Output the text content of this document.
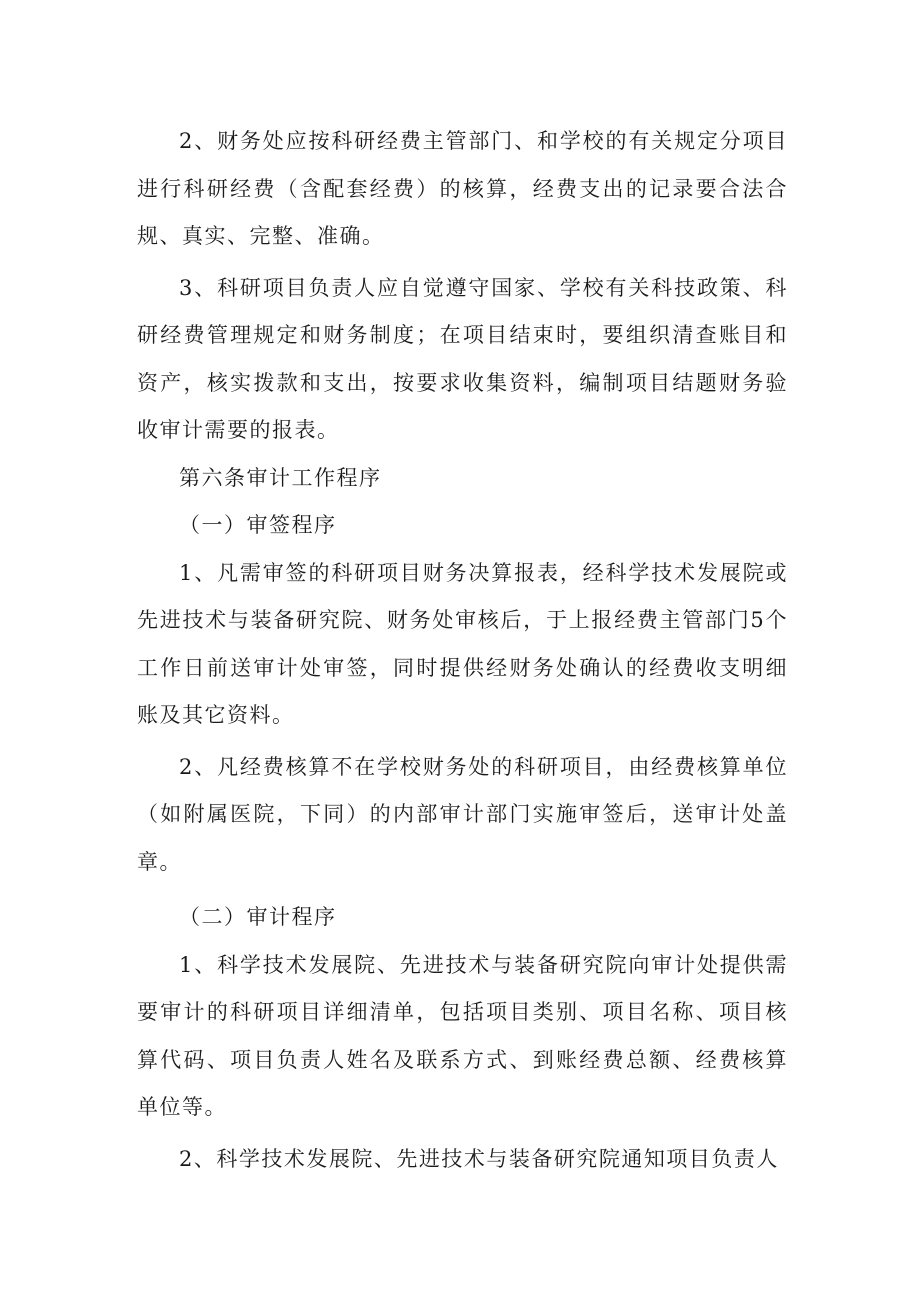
2、财务处应按科研经费主管部门、和学校的有关规定分项目进行科研经费（含配套经费）的核算，经费支出的记录要合法合规、真实、完整、准确。

3、科研项目负责人应自觉遵守国家、学校有关科技政策、科研经费管理规定和财务制度；在项目结束时，要组织清查账目和资产，核实拨款和支出，按要求收集资料，编制项目结题财务验收审计需要的报表。

第六条审计工作程序

（一）审签程序

1、凡需审签的科研项目财务决算报表，经科学技术发展院或先进技术与装备研究院、财务处审核后，于上报经费主管部门5个工作日前送审计处审签，同时提供经财务处确认的经费收支明细账及其它资料。

2、凡经费核算不在学校财务处的科研项目，由经费核算单位（如附属医院，下同）的内部审计部门实施审签后，送审计处盖章。

（二）审计程序

1、科学技术发展院、先进技术与装备研究院向审计处提供需要审计的科研项目详细清单，包括项目类别、项目名称、项目核算代码、项目负责人姓名及联系方式、到账经费总额、经费核算单位等。

2、科学技术发展院、先进技术与装备研究院通知项目负责人
